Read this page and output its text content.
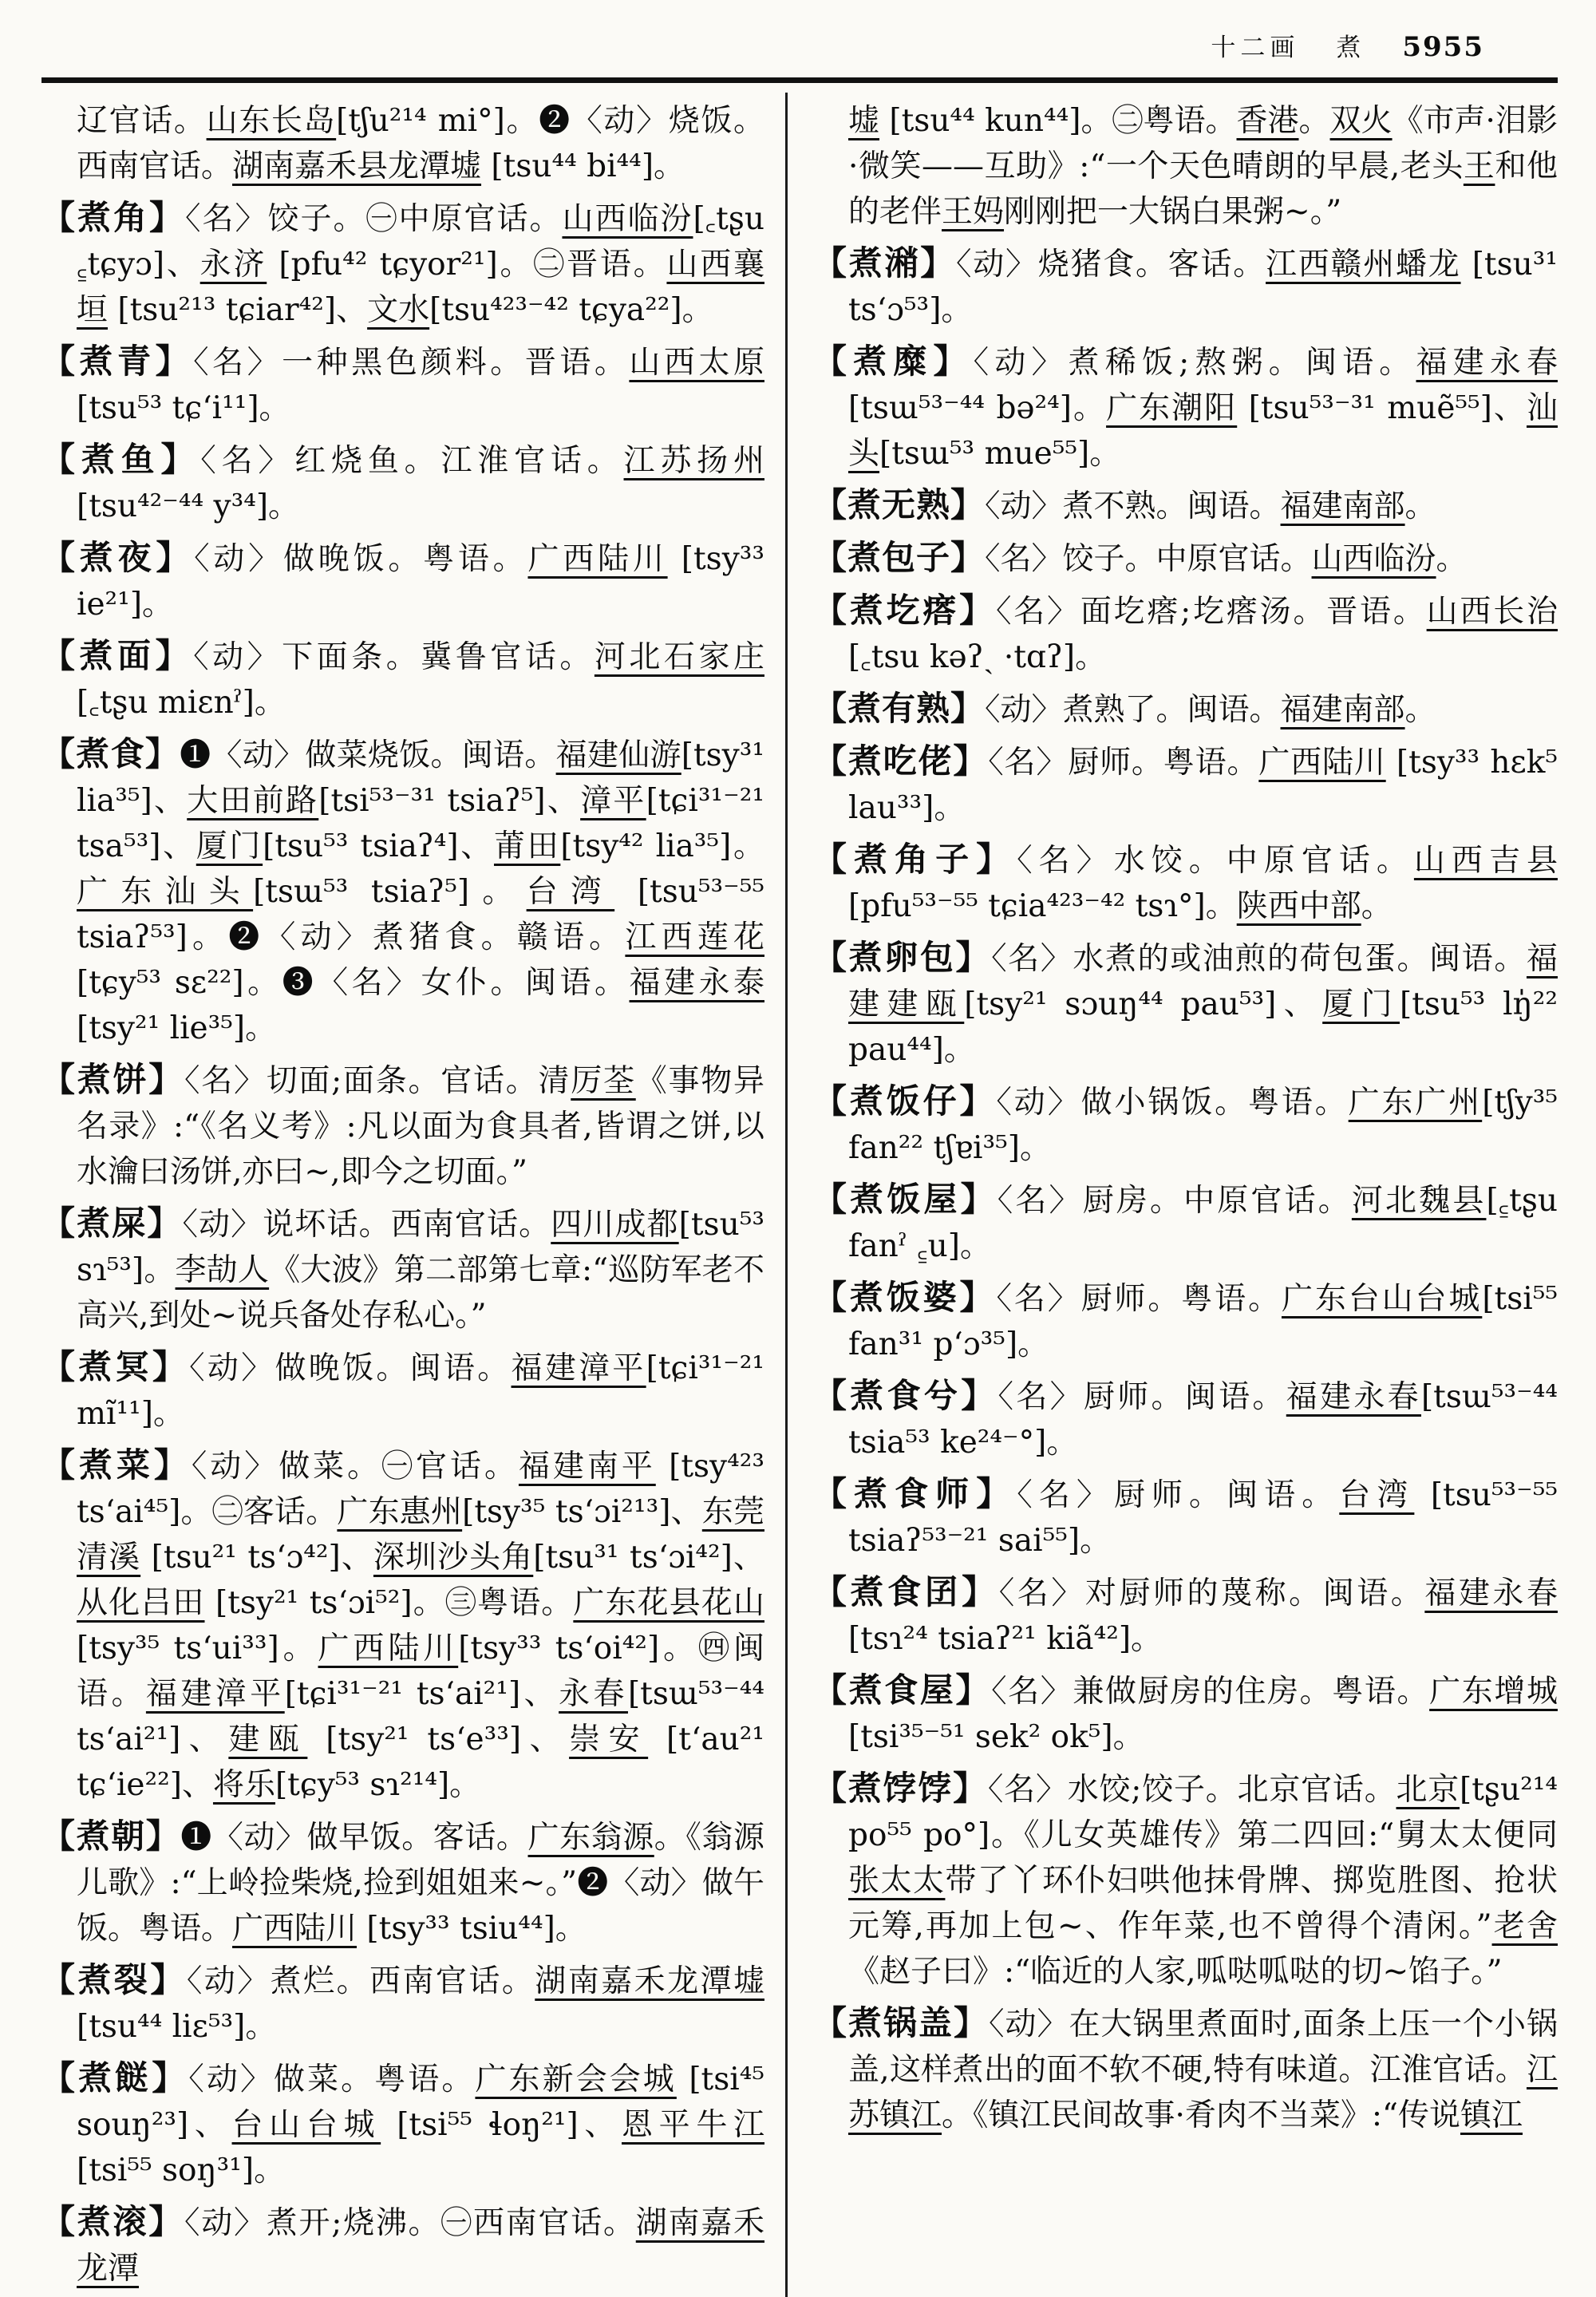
十二画 煮 5955

辽官话。山东长岛[tʃu²¹⁴ mi°]。❷〈动〉烧饭。西南官话。湖南嘉禾县龙潭墟 [tsu⁴⁴ bi⁴⁴]。

【煮角】〈名〉饺子。㊀中原官话。山西临汾[꜀tʂu ꜁tɕyɔ]、永济 [pfu⁴² tɕyor²¹]。㊁晋语。山西襄垣 [tsu²¹³ tɕiar⁴²]、文水[tsu⁴²³⁻⁴² tɕya²²]。

【煮青】〈名〉一种黑色颜料。晋语。山西太原 [tsu⁵³ tɕ‘i¹¹]。

【煮鱼】〈名〉红烧鱼。江淮官话。江苏扬州 [tsu⁴²⁻⁴⁴ y³⁴]。

【煮夜】〈动〉做晚饭。粤语。广西陆川 [tsy³³ ie²¹]。

【煮面】〈动〉下面条。冀鲁官话。河北石家庄 [꜀tʂu miɛnˀ]。

【煮食】❶〈动〉做菜烧饭。闽语。福建仙游[tsy³¹ lia³⁵]、大田前路[tsi⁵³⁻³¹ tsiaʔ⁵]、漳平[tɕi³¹⁻²¹ tsa⁵³]、厦门[tsu⁵³ tsiaʔ⁴]、莆田[tsy⁴² lia³⁵]。广东汕头[tsɯ⁵³ tsiaʔ⁵]。台湾 [tsu⁵³⁻⁵⁵ tsiaʔ⁵³]。❷〈动〉煮猪食。赣语。江西莲花 [tɕy⁵³ sɛ²²]。❸〈名〉女仆。闽语。福建永泰[tsy²¹ lie³⁵]。

【煮饼】〈名〉切面;面条。官话。清厉荃《事物异名录》:“《名义考》:凡以面为食具者,皆谓之饼,以水瀹曰汤饼,亦曰~,即今之切面。”

【煮屎】〈动〉说坏话。西南官话。四川成都[tsu⁵³ sɿ⁵³]。李劼人《大波》第二部第七章:“巡防军老不高兴,到处~说兵备处存私心。”

【煮冥】〈动〉做晚饭。闽语。福建漳平[tɕi³¹⁻²¹ mĩ¹¹]。

【煮菜】〈动〉做菜。㊀官话。福建南平 [tsy⁴²³ ts‘ai⁴⁵]。㊁客话。广东惠州[tsy³⁵ ts‘ɔi²¹³]、东莞清溪 [tsu²¹ ts‘ɔ⁴²]、深圳沙头角[tsu³¹ ts‘ɔi⁴²]、从化吕田 [tsy²¹ ts‘ɔi⁵²]。㊂粤语。广东花县花山 [tsy³⁵ ts‘ui³³]。广西陆川[tsy³³ ts‘oi⁴²]。㊃闽语。福建漳平[tɕi³¹⁻²¹ ts‘ai²¹]、永春[tsɯ⁵³⁻⁴⁴ ts‘ai²¹]、建瓯 [tsy²¹ ts‘e³³]、崇安 [t‘au²¹ tɕ‘ie²²]、将乐[tɕy⁵³ sɿ²¹⁴]。

【煮朝】❶〈动〉做早饭。客话。广东翁源。《翁源儿歌》:“上岭捡柴烧,捡到姐姐来~。”❷〈动〉做午饭。粤语。广西陆川 [tsy³³ tsiu⁴⁴]。

【煮裂】〈动〉煮烂。西南官话。湖南嘉禾龙潭墟[tsu⁴⁴ liɛ⁵³]。

【煮餸】〈动〉做菜。粤语。广东新会会城 [tsi⁴⁵ souŋ²³]、台山台城 [tsi⁵⁵ ɬoŋ²¹]、恩平牛江 [tsi⁵⁵ soŋ³¹]。

【煮滚】〈动〉煮开;烧沸。㊀西南官话。湖南嘉禾龙潭

墟 [tsu⁴⁴ kun⁴⁴]。㊁粤语。香港。双火《市声·泪影·微笑——互助》:“一个天色晴朗的早晨,老头王和他的老伴王妈刚刚把一大锅白果粥~。”

【煮潲】〈动〉烧猪食。客话。江西赣州蟠龙 [tsu³¹ ts‘ɔ⁵³]。

【煮糜】〈动〉煮稀饭;熬粥。闽语。福建永春 [tsɯ⁵³⁻⁴⁴ bə²⁴]。广东潮阳 [tsu⁵³⁻³¹ muẽ⁵⁵]、汕头[tsɯ⁵³ mue⁵⁵]。

【煮无熟】〈动〉煮不熟。闽语。福建南部。

【煮包子】〈名〉饺子。中原官话。山西临汾。

【煮圪瘩】〈名〉面圪瘩;圪瘩汤。晋语。山西长治 [꜀tsu kəʔˏ ·tɑʔ]。

【煮有熟】〈动〉煮熟了。闽语。福建南部。

【煮吃佬】〈名〉厨师。粤语。广西陆川 [tsy³³ hɛk⁵ lau³³]。

【煮角子】〈名〉水饺。中原官话。山西吉县[pfu⁵³⁻⁵⁵ tɕia⁴²³⁻⁴² tsɿ°]。陕西中部。

【煮卵包】〈名〉水煮的或油煎的荷包蛋。闽语。福建建瓯[tsy²¹ sɔuŋ⁴⁴ pau⁵³]、厦门[tsu⁵³ lŋ̍²² pau⁴⁴]。

【煮饭仔】〈动〉做小锅饭。粤语。广东广州[tʃy³⁵ fan²² tʃɐi³⁵]。

【煮饭屋】〈名〉厨房。中原官话。河北魏县[꜁tʂu fanˀ ꜁u]。

【煮饭婆】〈名〉厨师。粤语。广东台山台城[tsi⁵⁵ fan³¹ p‘ɔ³⁵]。

【煮食兮】〈名〉厨师。闽语。福建永春[tsɯ⁵³⁻⁴⁴ tsia⁵³ ke²⁴⁻°]。

【煮食师】〈名〉厨师。闽语。台湾 [tsu⁵³⁻⁵⁵ tsiaʔ⁵³⁻²¹ sai⁵⁵]。

【煮食囝】〈名〉对厨师的蔑称。闽语。福建永春 [tsɿ²⁴ tsiaʔ²¹ kiã⁴²]。

【煮食屋】〈名〉兼做厨房的住房。粤语。广东增城 [tsi³⁵⁻⁵¹ sek² ok⁵]。

【煮饽饽】〈名〉水饺;饺子。北京官话。北京[tʂu²¹⁴ po⁵⁵ po°]。《儿女英雄传》第二四回:“舅太太便同张太太带了丫环仆妇哄他抹骨牌、掷览胜图、抢状元筹,再加上包~、作年菜,也不曾得个清闲。”老舍《赵子曰》:“临近的人家,呱哒呱哒的切~馅子。”

【煮锅盖】〈动〉在大锅里煮面时,面条上压一个小锅盖,这样煮出的面不软不硬,特有味道。江淮官话。江苏镇江。《镇江民间故事·肴肉不当菜》:“传说镇江
